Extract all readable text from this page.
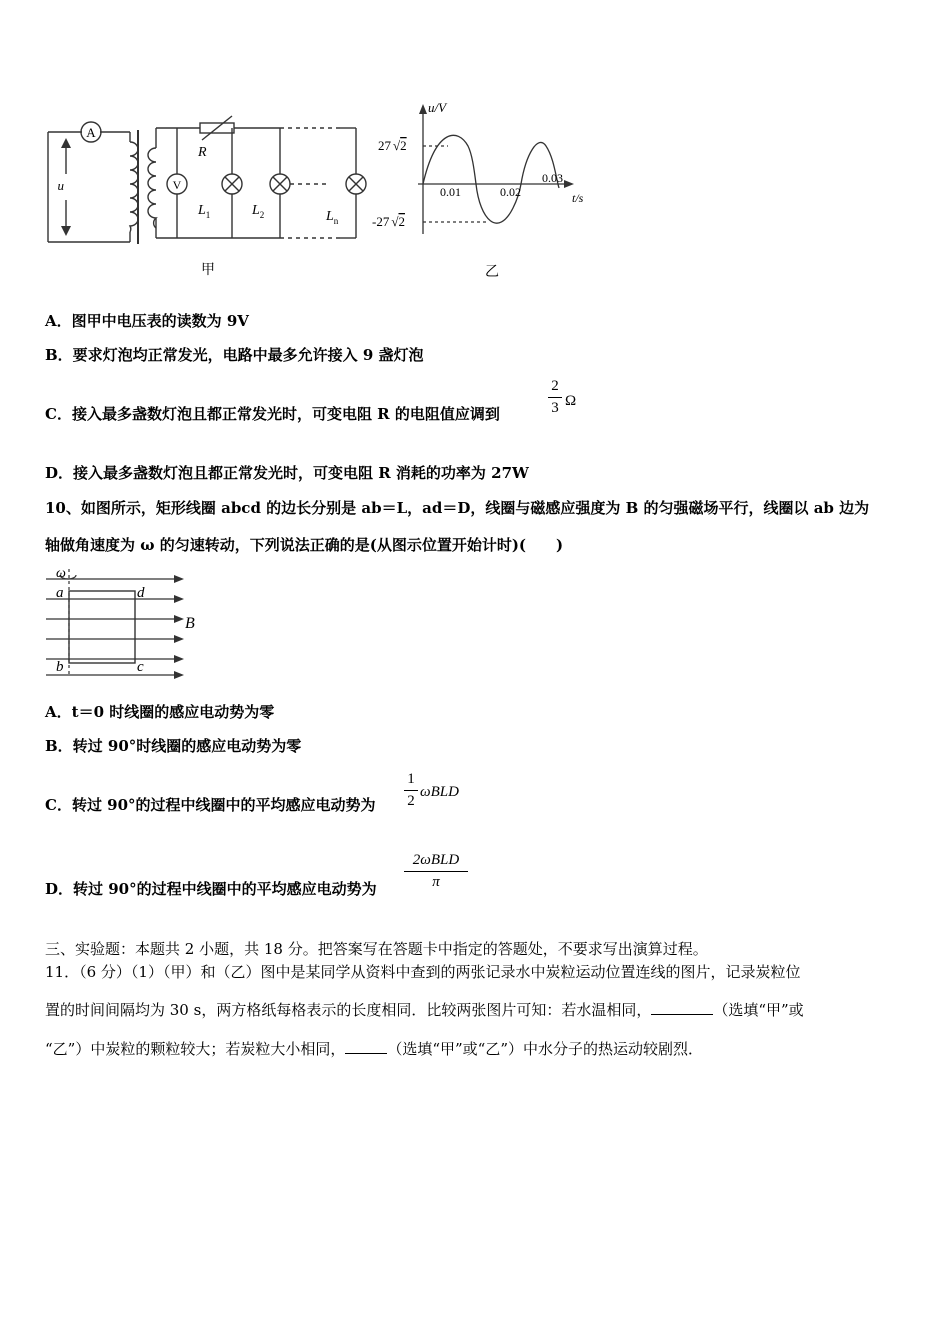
A
V
u
R
$L_1$	$L_2$	$L_n$
甲
u/V
t/s
27 √2
-27 √2
0.01	0.02
0.03
乙
A．图甲中电压表的读数为 9V
B．要求灯泡均正常发光，电路中最多允许接入 9 盏灯泡
C．接入最多盏数灯泡且都正常发光时，可变电阻 R 的电阻值应调到
2
3 Ω
D．接入最多盏数灯泡且都正常发光时，可变电阻 R 消耗的功率为 27W
10、如图所示，矩形线圈 abcd 的边长分别是 ab＝L，ad＝D，线圈与磁感应强度为 B 的匀强磁场平行，线圈以 ab 边为
轴做角速度为 ω 的匀速转动，下列说法正确的是(从图示位置开始计时)(　　)
ω
a	d
b	c
B
A．t＝0 时线圈的感应电动势为零
B．转过 90°时线圈的感应电动势为零
C．转过 90°的过程中线圈中的平均感应电动势为
1
2
ωBLD
D．转过 90°的过程中线圈中的平均感应电动势为
2ωBLD
π
三、实验题：本题共 2 小题，共 18 分。把答案写在答题卡中指定的答题处，不要求写出演算过程。
11．（6 分）（1）（甲）和（乙）图中是某同学从资料中查到的两张记录水中炭粒运动位置连线的图片，记录炭粒位
置的时间间隔均为 30 s，两方格纸每格表示的长度相同．比较两张图片可知：若水温相同，	（选填“甲”或
“乙”）中炭粒的颗粒较大；若炭粒大小相同，	（选填“甲”或“乙”）中水分子的热运动较剧烈．
